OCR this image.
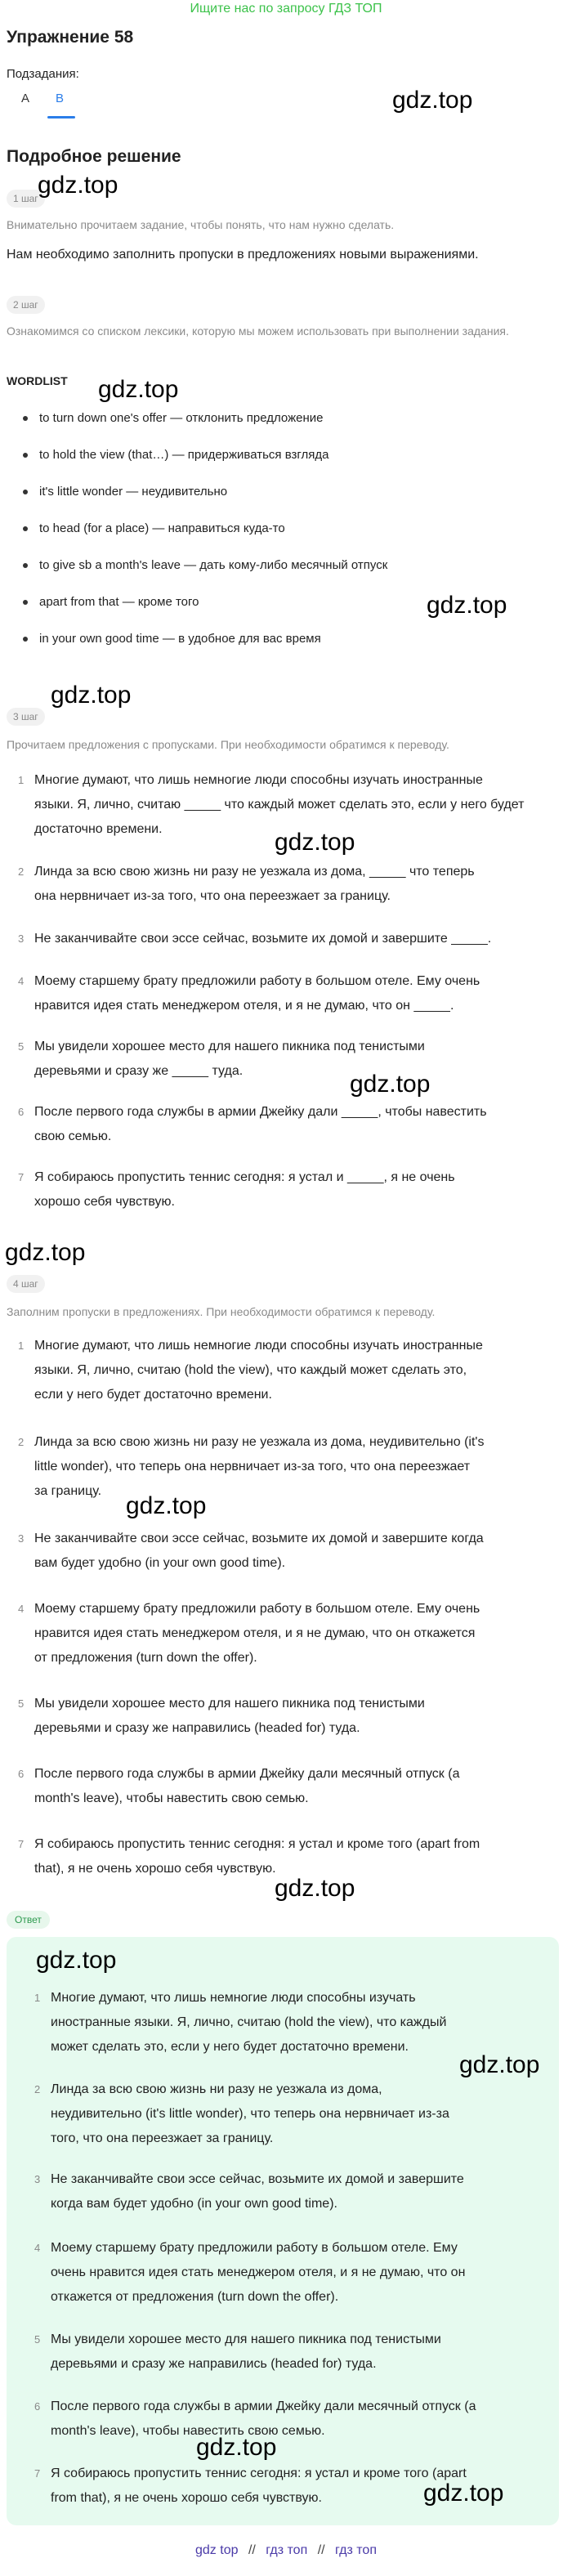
Ищите нас по запросу ГДЗ ТОП
Упражнение 58
Подзадания:
A B
Подробное решение
1 шаг
Внимательно прочитаем задание, чтобы понять, что нам нужно сделать.
Нам необходимо заполнить пропуски в предложениях новыми выражениями.
2 шаг
Ознакомимся со списком лексики, которую мы можем использовать при выполнении задания.
WORDLIST
to turn down one's offer — отклонить предложение
to hold the view (that…) — придерживаться взгляда
it's little wonder — неудивительно
to head (for a place) — направиться куда-то
to give sb a month's leave — дать кому-либо месячный отпуск
apart from that — кроме того
in your own good time — в удобное для вас время
3 шаг
Прочитаем предложения с пропусками. При необходимости обратимся к переводу.
1 Многие думают, что лишь немногие люди способны изучать иностранные
языки. Я, лично, считаю _____ что каждый может сделать это, если у него будет
достаточно времени.
2 Линда за всю свою жизнь ни разу не уезжала из дома, _____ что теперь
она нервничает из-за того, что она переезжает за границу.
3 Не заканчивайте свои эссе сейчас, возьмите их домой и завершите _____.
4 Моему старшему брату предложили работу в большом отеле. Ему очень
нравится идея стать менеджером отеля, и я не думаю, что он _____.
5 Мы увидели хорошее место для нашего пикника под тенистыми
деревьями и сразу же _____ туда.
6 После первого года службы в армии Джейку дали _____, чтобы навестить
свою семью.
7 Я собираюсь пропустить теннис сегодня: я устал и _____, я не очень
хорошо себя чувствую.
4 шаг
Заполним пропуски в предложениях. При необходимости обратимся к переводу.
1 Многие думают, что лишь немногие люди способны изучать иностранные
языки. Я, лично, считаю (hold the view), что каждый может сделать это,
если у него будет достаточно времени.
2 Линда за всю свою жизнь ни разу не уезжала из дома, неудивительно (it's
little wonder), что теперь она нервничает из-за того, что она переезжает
за границу.
3 Не заканчивайте свои эссе сейчас, возьмите их домой и завершите когда
вам будет удобно (in your own good time).
4 Моему старшему брату предложили работу в большом отеле. Ему очень
нравится идея стать менеджером отеля, и я не думаю, что он откажется
от предложения (turn down the offer).
5 Мы увидели хорошее место для нашего пикника под тенистыми
деревьями и сразу же направились (headed for) туда.
6 После первого года службы в армии Джейку дали месячный отпуск (a
month's leave), чтобы навестить свою семью.
7 Я собираюсь пропустить теннис сегодня: я устал и кроме того (apart from
that), я не очень хорошо себя чувствую.
Ответ
1 Многие думают, что лишь немногие люди способны изучать
иностранные языки. Я, лично, считаю (hold the view), что каждый
может сделать это, если у него будет достаточно времени.
2 Линда за всю свою жизнь ни разу не уезжала из дома,
неудивительно (it's little wonder), что теперь она нервничает из-за
того, что она переезжает за границу.
3 Не заканчивайте свои эссе сейчас, возьмите их домой и завершите
когда вам будет удобно (in your own good time).
4 Моему старшему брату предложили работу в большом отеле. Ему
очень нравится идея стать менеджером отеля, и я не думаю, что он
откажется от предложения (turn down the offer).
5 Мы увидели хорошее место для нашего пикника под тенистыми
деревьями и сразу же направились (headed for) туда.
6 После первого года службы в армии Джейку дали месячный отпуск (a
month's leave), чтобы навестить свою семью.
7 Я собираюсь пропустить теннис сегодня: я устал и кроме того (apart
from that), я не очень хорошо себя чувствую.
gdz.top
gdz.top
gdz.top
gdz.top
gdz.top
gdz.top
gdz.top
gdz.top
gdz.top
gdz.top
gdz.top
gdz.top
gdz.top
gdz.top
gdz top // гдз топ // гдз топ
